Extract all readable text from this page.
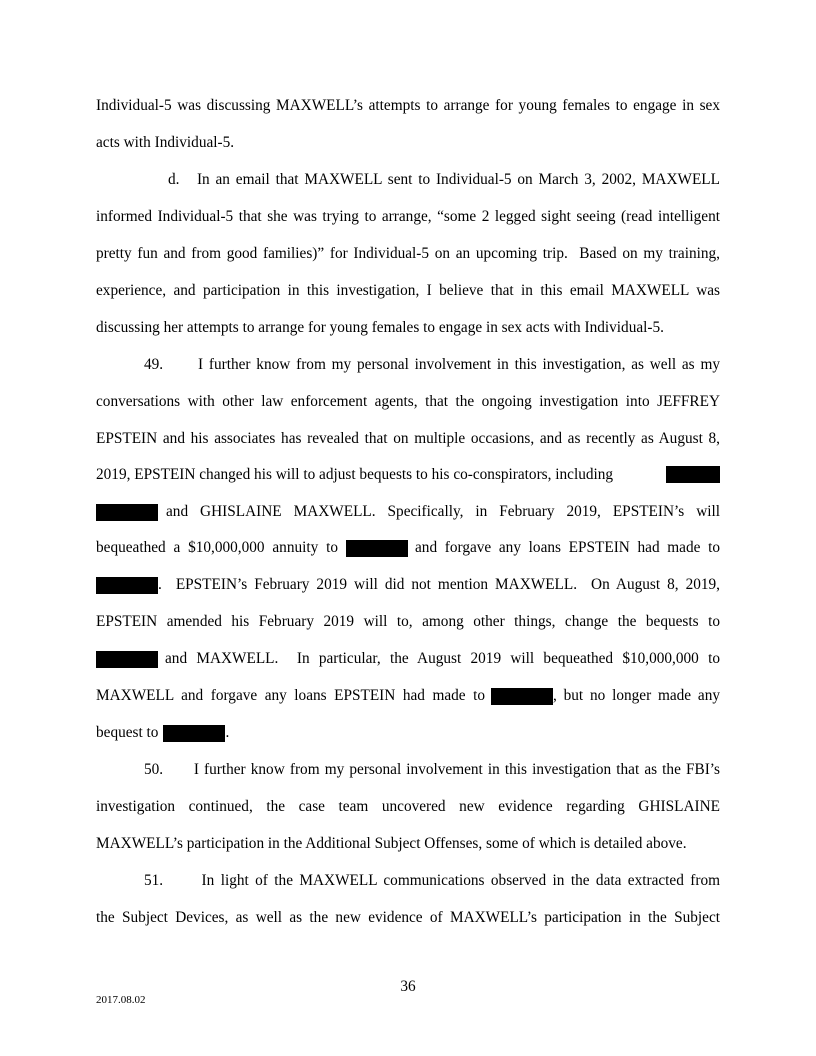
Individual-5 was discussing MAXWELL’s attempts to arrange for young females to engage in sex
acts with Individual-5.
d.   In an email that MAXWELL sent to Individual-5 on March 3, 2002, MAXWELL
informed Individual-5 that she was trying to arrange, “some 2 legged sight seeing (read intelligent
pretty fun and from good families)” for Individual-5 on an upcoming trip.  Based on my training,
experience, and participation in this investigation, I believe that in this email MAXWELL was
discussing her attempts to arrange for young females to engage in sex acts with Individual-5.
49.      I further know from my personal involvement in this investigation, as well as my
conversations with other law enforcement agents, that the ongoing investigation into JEFFREY
EPSTEIN and his associates has revealed that on multiple occasions, and as recently as August 8,
2019, EPSTEIN changed his will to adjust bequests to his co-conspirators, including
and GHISLAINE MAXWELL. Specifically, in February 2019, EPSTEIN’s will
bequeathed a $10,000,000 annuity to	and forgave any loans EPSTEIN had made to
.  EPSTEIN’s February 2019 will did not mention MAXWELL.  On August 8, 2019,
EPSTEIN amended his February 2019 will to, among other things, change the bequests to
and MAXWELL.  In particular, the August 2019 will bequeathed $10,000,000 to
MAXWELL and forgave any loans EPSTEIN had made to	, but no longer made any
bequest to	.
50.      I further know from my personal involvement in this investigation that as the FBI’s
investigation continued, the case team uncovered new evidence regarding GHISLAINE
MAXWELL’s participation in the Additional Subject Offenses, some of which is detailed above.
51.      In light of the MAXWELL communications observed in the data extracted from
the Subject Devices, as well as the new evidence of MAXWELL’s participation in the Subject
36
2017.08.02
